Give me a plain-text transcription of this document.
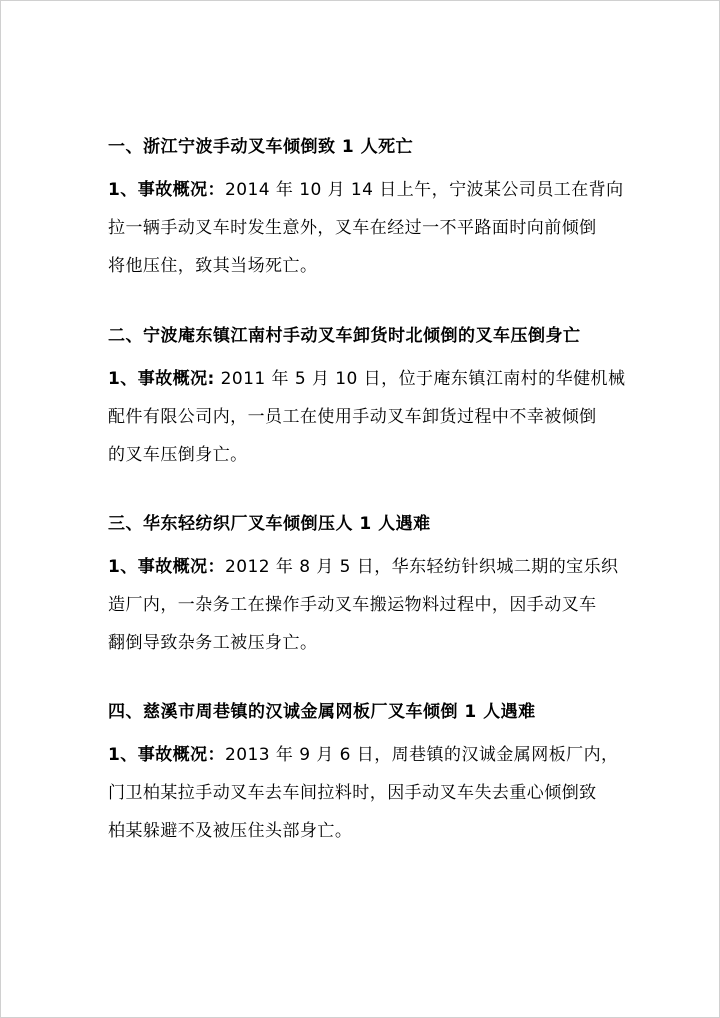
一、浙江宁波手动叉车倾倒致 1 人死亡
1、事故概况：2014 年 10 月 14 日上午，宁波某公司员工在背向
拉一辆手动叉车时发生意外，叉车在经过一不平路面时向前倾倒
将他压住，致其当场死亡。
二、宁波庵东镇江南村手动叉车卸货时北倾倒的叉车压倒身亡
1、事故概况: 2011 年 5 月 10 日，位于庵东镇江南村的华健机械
配件有限公司内，一员工在使用手动叉车卸货过程中不幸被倾倒
的叉车压倒身亡。
三、华东轻纺织厂叉车倾倒压人 1 人遇难
1、事故概况：2012 年 8 月 5 日，华东轻纺针织城二期的宝乐织
造厂内，一杂务工在操作手动叉车搬运物料过程中，因手动叉车
翻倒导致杂务工被压身亡。
四、慈溪市周巷镇的汉诚金属网板厂叉车倾倒 1 人遇难
1、事故概况：2013 年 9 月 6 日，周巷镇的汉诚金属网板厂内，
门卫柏某拉手动叉车去车间拉料时，因手动叉车失去重心倾倒致
柏某躲避不及被压住头部身亡。
